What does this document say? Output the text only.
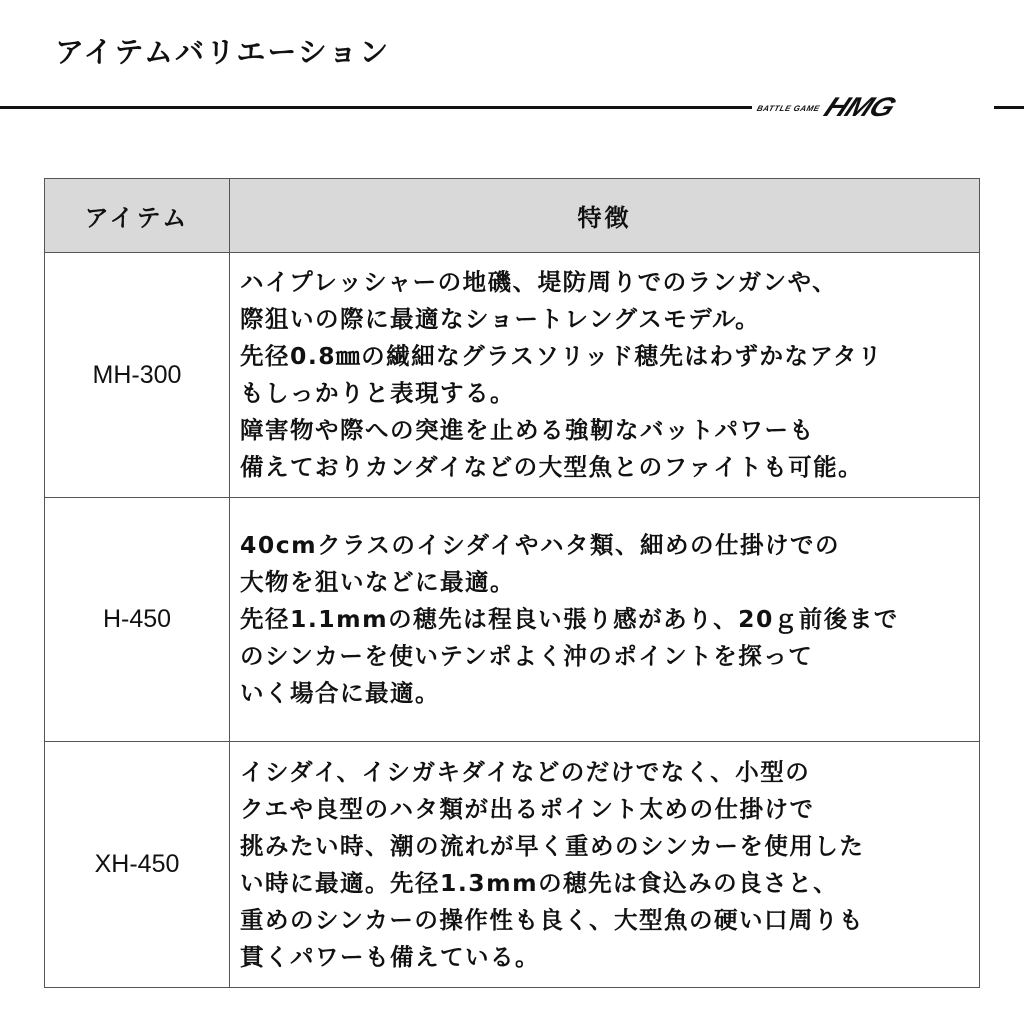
アイテムバリエーション
BATTLE GAME
HMG
アイテム	特徴
MH-300	
ハイプレッシャーの地磯、堤防周りでのランガンや、
際狙いの際に最適なショートレングスモデル。
先径0.8㎜の繊細なグラスソリッド穂先はわずかなアタリ
もしっかりと表現する。
障害物や際への突進を止める強靭なバットパワーも
備えておりカンダイなどの大型魚とのファイトも可能。

H-450	40cmクラスのイシダイやハタ類、細めの仕掛けでの
大物を狙いなどに最適。
先径1.1mmの穂先は程良い張り感があり、20ｇ前後まで
のシンカーを使いテンポよく沖のポイントを探って
いく場合に最適。

XH-450	
イシダイ、イシガキダイなどのだけでなく、小型の
クエや良型のハタ類が出るポイント太めの仕掛けで
挑みたい時、潮の流れが早く重めのシンカーを使用した
い時に最適。先径1.3mmの穂先は食込みの良さと、
重めのシンカーの操作性も良く、大型魚の硬い口周りも
貫くパワーも備えている。
